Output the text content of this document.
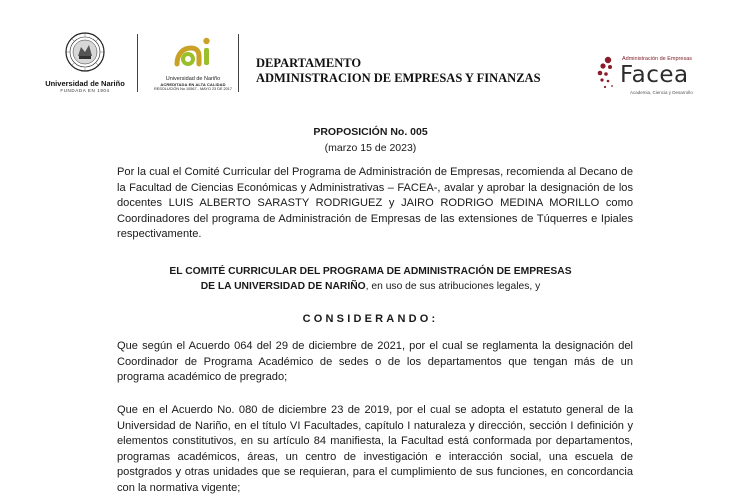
Universidad de Nariño
FUNDADA EN 1904
Universidad de Nariño
ACREDITADA EN ALTA CALIDAD
RESOLUCIÓN No 10567 - MAYO 23 DE 2017
DEPARTAMENTO
ADMINISTRACION DE EMPRESAS Y FINANZAS
Administración de Empresas
Facea
Academia, Ciencia y Desarrollo
PROPOSICIÓN No. 005
(marzo 15 de 2023)
Por la cual el Comité Curricular del Programa de Administración de Empresas, recomienda al Decano de la Facultad de Ciencias Económicas y Administrativas – FACEA-, avalar y aprobar la designación de los docentes LUIS ALBERTO SARASTY RODRIGUEZ y JAIRO RODRIGO MEDINA MORILLO como Coordinadores del programa de Administración de Empresas de las extensiones de Túquerres e Ipiales respectivamente.
EL COMITÉ CURRICULAR DEL PROGRAMA DE ADMINISTRACIÓN DE EMPRESAS
DE LA UNIVERSIDAD DE NARIÑO, en uso de sus atribuciones legales, y
CONSIDERANDO:
Que según el Acuerdo 064 del 29 de diciembre de 2021, por el cual se reglamenta la designación del Coordinador de Programa Académico de sedes o de los departamentos que tengan más de un programa académico de pregrado;
Que en el Acuerdo No. 080 de diciembre 23 de 2019, por el cual se adopta el estatuto general de la Universidad de Nariño, en el título VI Facultades, capítulo I naturaleza y dirección, sección I definición y elementos constitutivos, en su artículo 84 manifiesta, la Facultad está conformada por departamentos, programas académicos, áreas, un centro de investigación e interacción social, una escuela de postgrados y otras unidades que se requieran, para el cumplimiento de sus funciones, en concordancia con la normativa vigente;
